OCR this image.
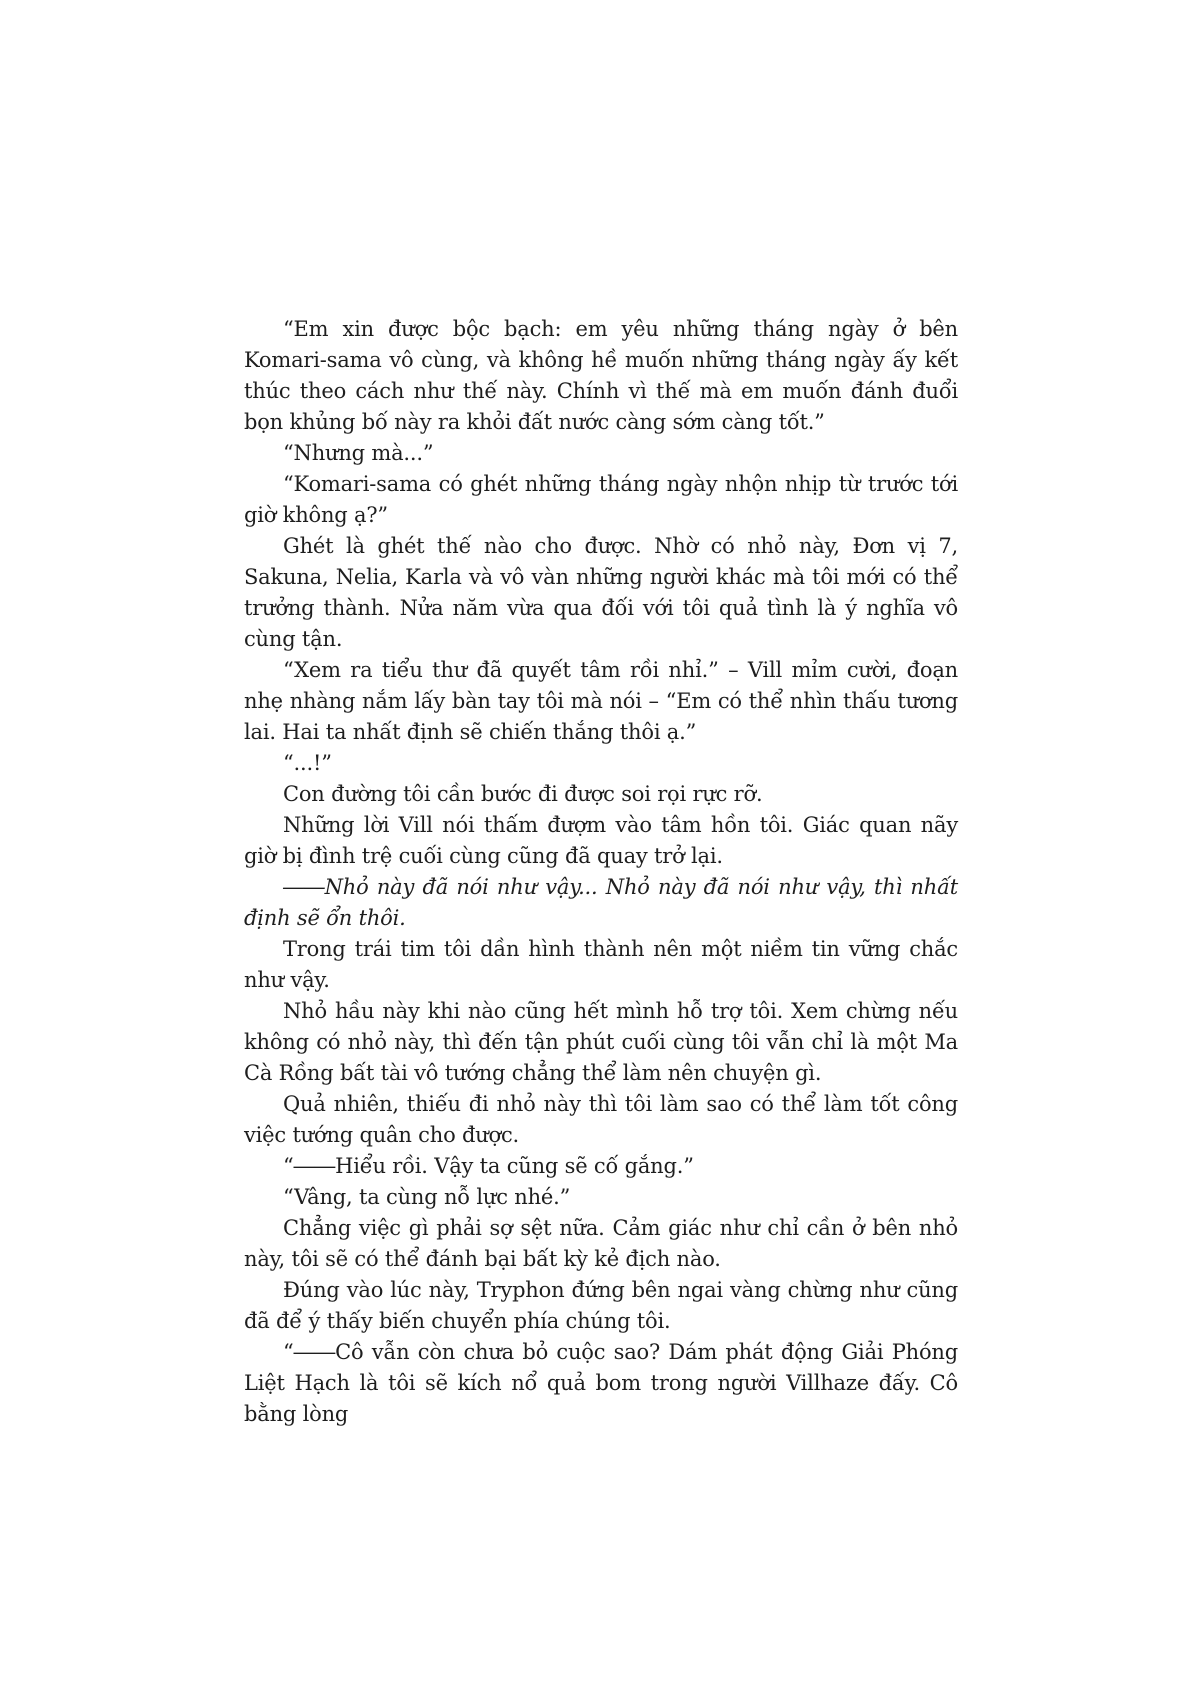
“Em xin được bộc bạch: em yêu những tháng ngày ở bên Komari-sama vô cùng, và không hề muốn những tháng ngày ấy kết thúc theo cách như thế này. Chính vì thế mà em muốn đánh đuổi bọn khủng bố này ra khỏi đất nước càng sớm càng tốt.”

“Nhưng mà...”

“Komari-sama có ghét những tháng ngày nhộn nhịp từ trước tới giờ không ạ?”

Ghét là ghét thế nào cho được. Nhờ có nhỏ này, Đơn vị 7, Sakuna, Nelia, Karla và vô vàn những người khác mà tôi mới có thể trưởng thành. Nửa năm vừa qua đối với tôi quả tình là ý nghĩa vô cùng tận.

“Xem ra tiểu thư đã quyết tâm rồi nhỉ.” – Vill mỉm cười, đoạn nhẹ nhàng nắm lấy bàn tay tôi mà nói – “Em có thể nhìn thấu tương lai. Hai ta nhất định sẽ chiến thắng thôi ạ.”

“...!”

Con đường tôi cần bước đi được soi rọi rực rỡ.

Những lời Vill nói thấm đượm vào tâm hồn tôi. Giác quan nãy giờ bị đình trệ cuối cùng cũng đã quay trở lại.

――Nhỏ này đã nói như vậy... Nhỏ này đã nói như vậy, thì nhất định sẽ ổn thôi.

Trong trái tim tôi dần hình thành nên một niềm tin vững chắc như vậy.

Nhỏ hầu này khi nào cũng hết mình hỗ trợ tôi. Xem chừng nếu không có nhỏ này, thì đến tận phút cuối cùng tôi vẫn chỉ là một Ma Cà Rồng bất tài vô tướng chẳng thể làm nên chuyện gì.

Quả nhiên, thiếu đi nhỏ này thì tôi làm sao có thể làm tốt công việc tướng quân cho được.

“――Hiểu rồi. Vậy ta cũng sẽ cố gắng.”

“Vâng, ta cùng nỗ lực nhé.”

Chẳng việc gì phải sợ sệt nữa. Cảm giác như chỉ cần ở bên nhỏ này, tôi sẽ có thể đánh bại bất kỳ kẻ địch nào.

Đúng vào lúc này, Tryphon đứng bên ngai vàng chừng như cũng đã để ý thấy biến chuyển phía chúng tôi.

“――Cô vẫn còn chưa bỏ cuộc sao? Dám phát động Giải Phóng Liệt Hạch là tôi sẽ kích nổ quả bom trong người Villhaze đấy. Cô bằng lòng
